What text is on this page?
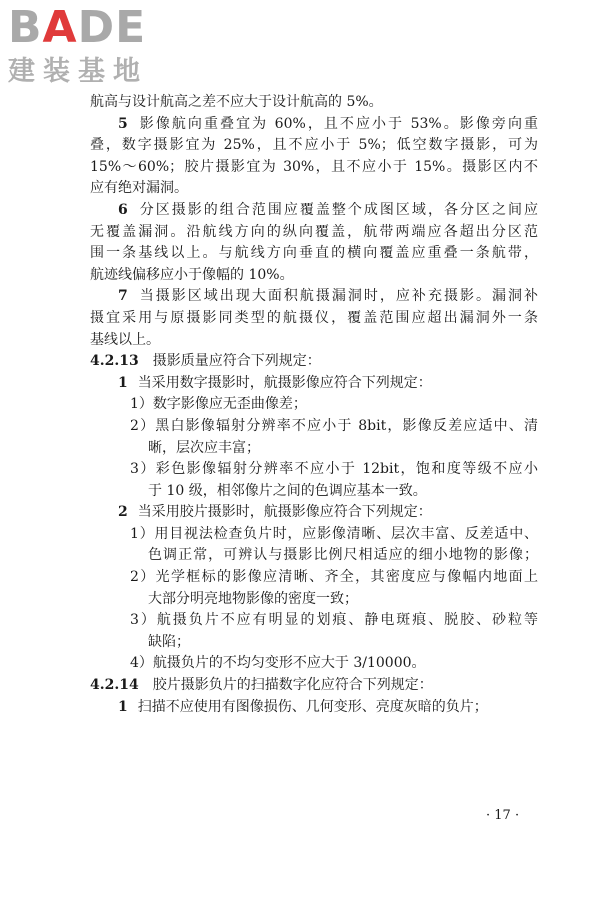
BADE
建装基地
航高与设计航高之差不应大于设计航高的 5%。
5 影像航向重叠宜为 60%，且不应小于 53%。影像旁向重
叠，数字摄影宜为 25%，且不应小于 5%；低空数字摄影，可为
15%～60%；胶片摄影宜为 30%，且不应小于 15%。摄影区内不
应有绝对漏洞。
6 分区摄影的组合范围应覆盖整个成图区域，各分区之间应
无覆盖漏洞。沿航线方向的纵向覆盖，航带两端应各超出分区范
围一条基线以上。与航线方向垂直的横向覆盖应重叠一条航带，
航迹线偏移应小于像幅的 10%。
7 当摄影区域出现大面积航摄漏洞时，应补充摄影。漏洞补
摄宜采用与原摄影同类型的航摄仪，覆盖范围应超出漏洞外一条
基线以上。
4.2.13 摄影质量应符合下列规定：
1 当采用数字摄影时，航摄影像应符合下列规定：
1）数字影像应无歪曲像差；
2）黑白影像辐射分辨率不应小于 8bit，影像反差应适中、清
晰，层次应丰富；
3）彩色影像辐射分辨率不应小于 12bit，饱和度等级不应小
于 10 级，相邻像片之间的色调应基本一致。
2 当采用胶片摄影时，航摄影像应符合下列规定：
1）用目视法检查负片时，应影像清晰、层次丰富、反差适中、
色调正常，可辨认与摄影比例尺相适应的细小地物的影像；
2）光学框标的影像应清晰、齐全，其密度应与像幅内地面上
大部分明亮地物影像的密度一致；
3）航摄负片不应有明显的划痕、静电斑痕、脱胶、砂粒等
缺陷；
4）航摄负片的不均匀变形不应大于 3/10000。
4.2.14 胶片摄影负片的扫描数字化应符合下列规定：
1 扫描不应使用有图像损伤、几何变形、亮度灰暗的负片；
· 17 ·
